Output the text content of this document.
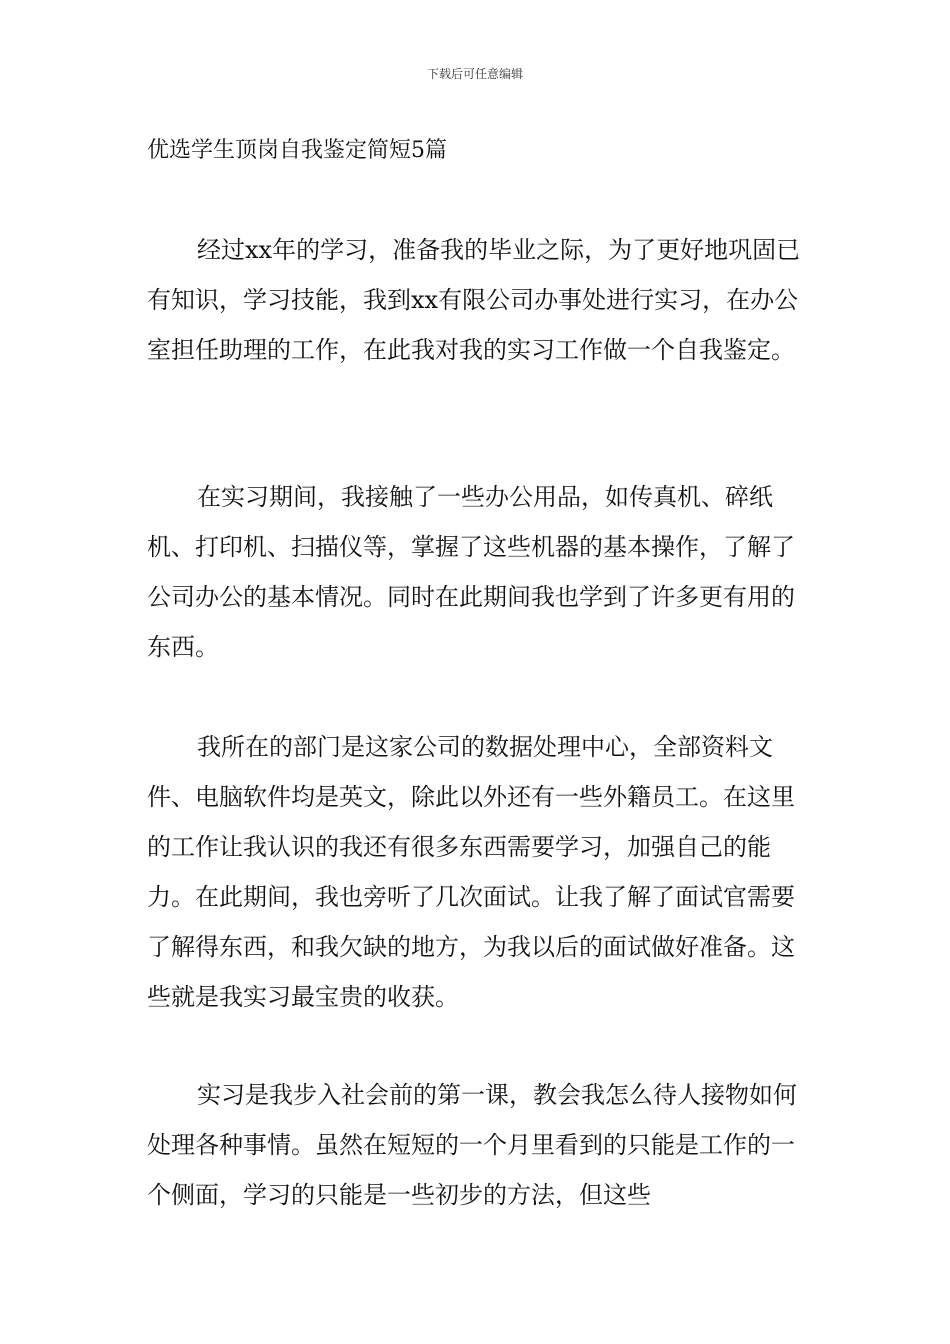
下载后可任意编辑
优选学生顶岗自我鉴定简短5篇

经过xx年的学习，准备我的毕业之际，为了更好地巩固已有知识，学习技能，我到xx有限公司办事处进行实习，在办公室担任助理的工作，在此我对我的实习工作做一个自我鉴定。

在实习期间，我接触了一些办公用品，如传真机、碎纸机、打印机、扫描仪等，掌握了这些机器的基本操作，了解了公司办公的基本情况。同时在此期间我也学到了许多更有用的东西。

我所在的部门是这家公司的数据处理中心，全部资料文件、电脑软件均是英文，除此以外还有一些外籍员工。在这里的工作让我认识的我还有很多东西需要学习，加强自己的能力。在此期间，我也旁听了几次面试。让我了解了面试官需要了解得东西，和我欠缺的地方，为我以后的面试做好准备。这些就是我实习最宝贵的收获。

实习是我步入社会前的第一课，教会我怎么待人接物如何处理各种事情。虽然在短短的一个月里看到的只能是工作的一个侧面，学习的只能是一些初步的方法，但这些
